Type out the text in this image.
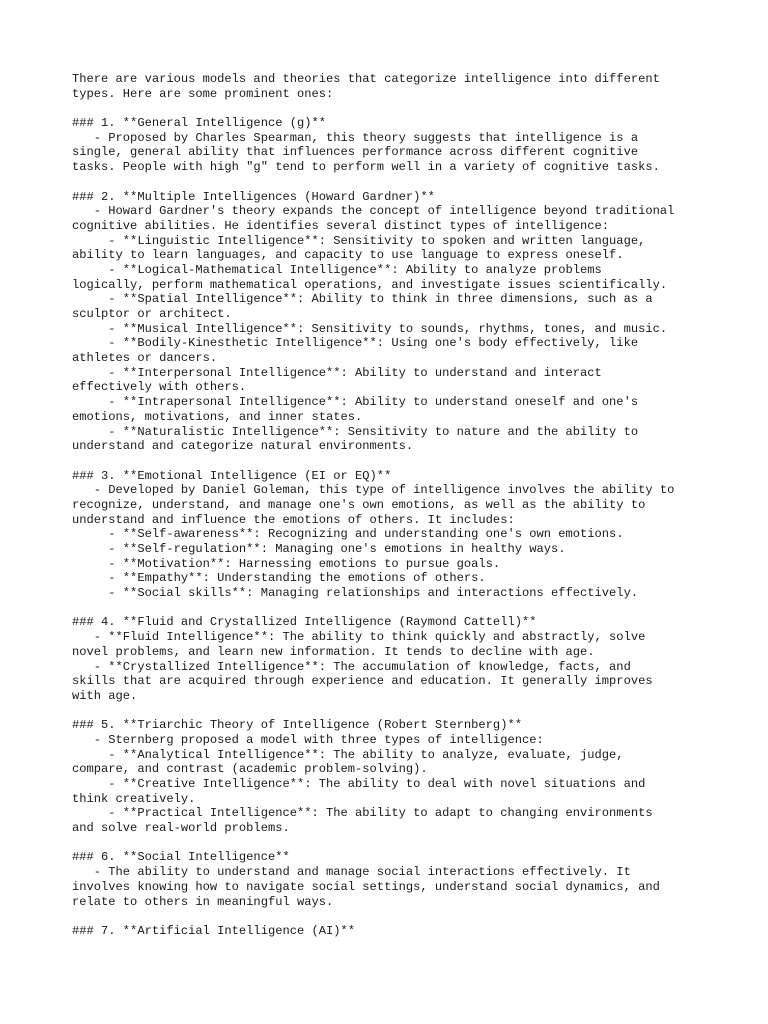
There are various models and theories that categorize intelligence into different
types. Here are some prominent ones:
### 1. **General Intelligence (g)**
- Proposed by Charles Spearman, this theory suggests that intelligence is a
single, general ability that influences performance across different cognitive
tasks. People with high "g" tend to perform well in a variety of cognitive tasks.
### 2. **Multiple Intelligences (Howard Gardner)**
- Howard Gardner's theory expands the concept of intelligence beyond traditional
cognitive abilities. He identifies several distinct types of intelligence:
- **Linguistic Intelligence**: Sensitivity to spoken and written language,
ability to learn languages, and capacity to use language to express oneself.
- **Logical-Mathematical Intelligence**: Ability to analyze problems
logically, perform mathematical operations, and investigate issues scientifically.
- **Spatial Intelligence**: Ability to think in three dimensions, such as a
sculptor or architect.
- **Musical Intelligence**: Sensitivity to sounds, rhythms, tones, and music.
- **Bodily-Kinesthetic Intelligence**: Using one's body effectively, like
athletes or dancers.
- **Interpersonal Intelligence**: Ability to understand and interact
effectively with others.
- **Intrapersonal Intelligence**: Ability to understand oneself and one's
emotions, motivations, and inner states.
- **Naturalistic Intelligence**: Sensitivity to nature and the ability to
understand and categorize natural environments.
### 3. **Emotional Intelligence (EI or EQ)**
- Developed by Daniel Goleman, this type of intelligence involves the ability to
recognize, understand, and manage one's own emotions, as well as the ability to
understand and influence the emotions of others. It includes:
- **Self-awareness**: Recognizing and understanding one's own emotions.
- **Self-regulation**: Managing one's emotions in healthy ways.
- **Motivation**: Harnessing emotions to pursue goals.
- **Empathy**: Understanding the emotions of others.
- **Social skills**: Managing relationships and interactions effectively.
### 4. **Fluid and Crystallized Intelligence (Raymond Cattell)**
- **Fluid Intelligence**: The ability to think quickly and abstractly, solve
novel problems, and learn new information. It tends to decline with age.
- **Crystallized Intelligence**: The accumulation of knowledge, facts, and
skills that are acquired through experience and education. It generally improves
with age.
### 5. **Triarchic Theory of Intelligence (Robert Sternberg)**
- Sternberg proposed a model with three types of intelligence:
- **Analytical Intelligence**: The ability to analyze, evaluate, judge,
compare, and contrast (academic problem-solving).
- **Creative Intelligence**: The ability to deal with novel situations and
think creatively.
- **Practical Intelligence**: The ability to adapt to changing environments
and solve real-world problems.
### 6. **Social Intelligence**
- The ability to understand and manage social interactions effectively. It
involves knowing how to navigate social settings, understand social dynamics, and
relate to others in meaningful ways.
### 7. **Artificial Intelligence (AI)**
